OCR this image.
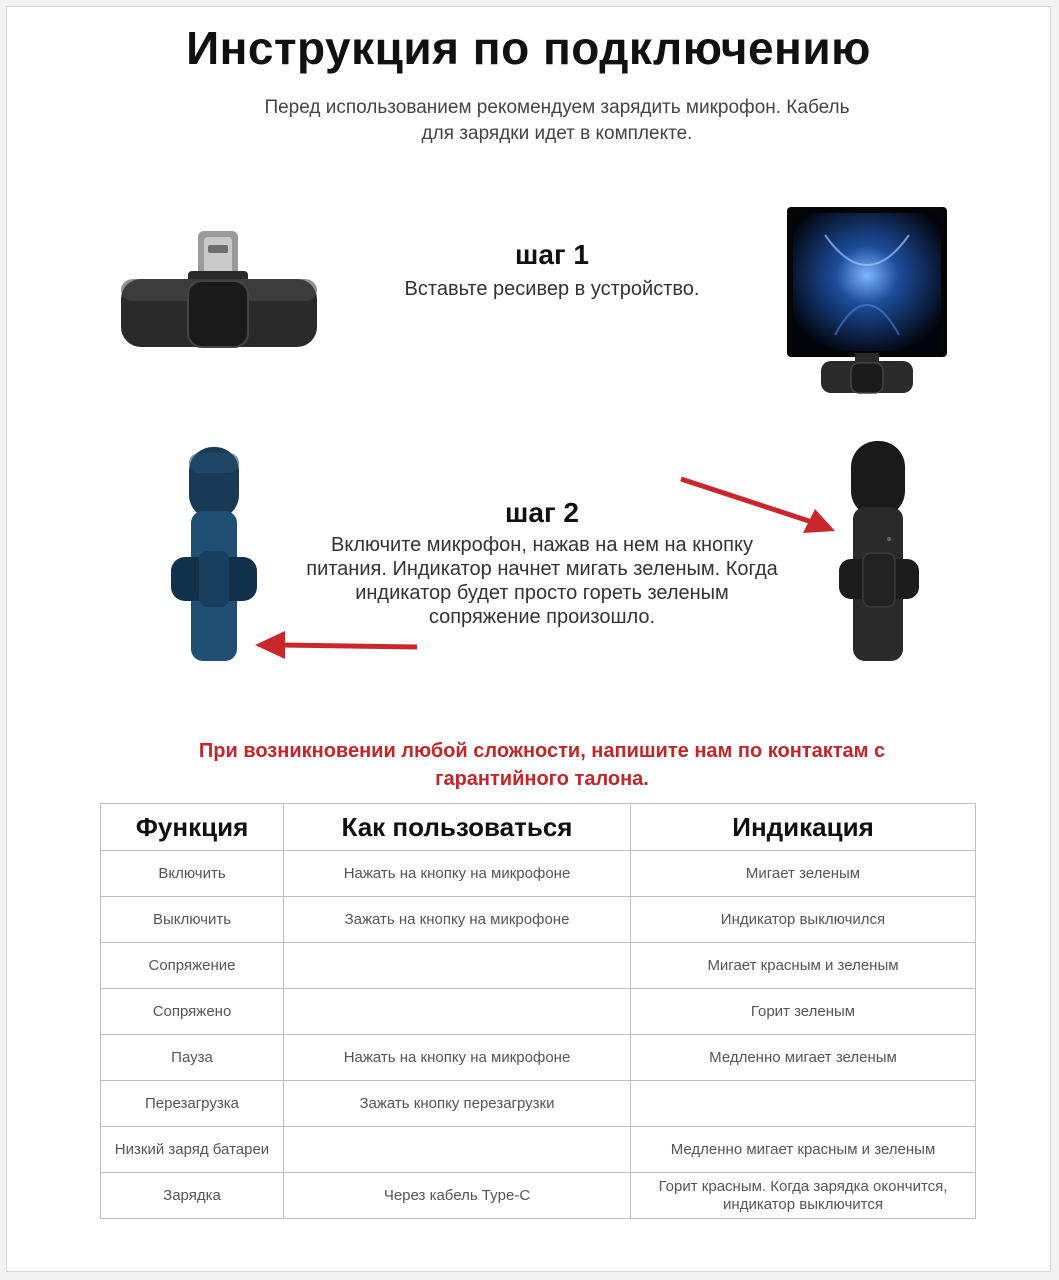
Инструкция по подключению
Перед использованием рекомендуем зарядить микрофон. Кабель для зарядки идет в комплекте.
шаг 1
Вставьте ресивер в устройство.
шаг 2
Включите микрофон, нажав на нем на кнопку питания. Индикатор начнет мигать зеленым. Когда индикатор будет просто гореть зеленым сопряжение произошло.
При возникновении любой сложности, напишите нам по контактам с гарантийного талона.
Функция	Как пользоваться	Индикация
Включить	Нажать на кнопку на микрофоне	Мигает зеленым
Выключить	Зажать на кнопку на микрофоне	Индикатор выключился
Сопряжение		Мигает красным и зеленым
Сопряжено		Горит зеленым
Пауза	Нажать на кнопку на микрофоне	Медленно мигает зеленым
Перезагрузка	Зажать кнопку перезагрузки	
Низкий заряд батареи		Медленно мигает красным и зеленым
Зарядка	Через кабель Type-C	Горит красным. Когда зарядка окончится, индикатор выключится
